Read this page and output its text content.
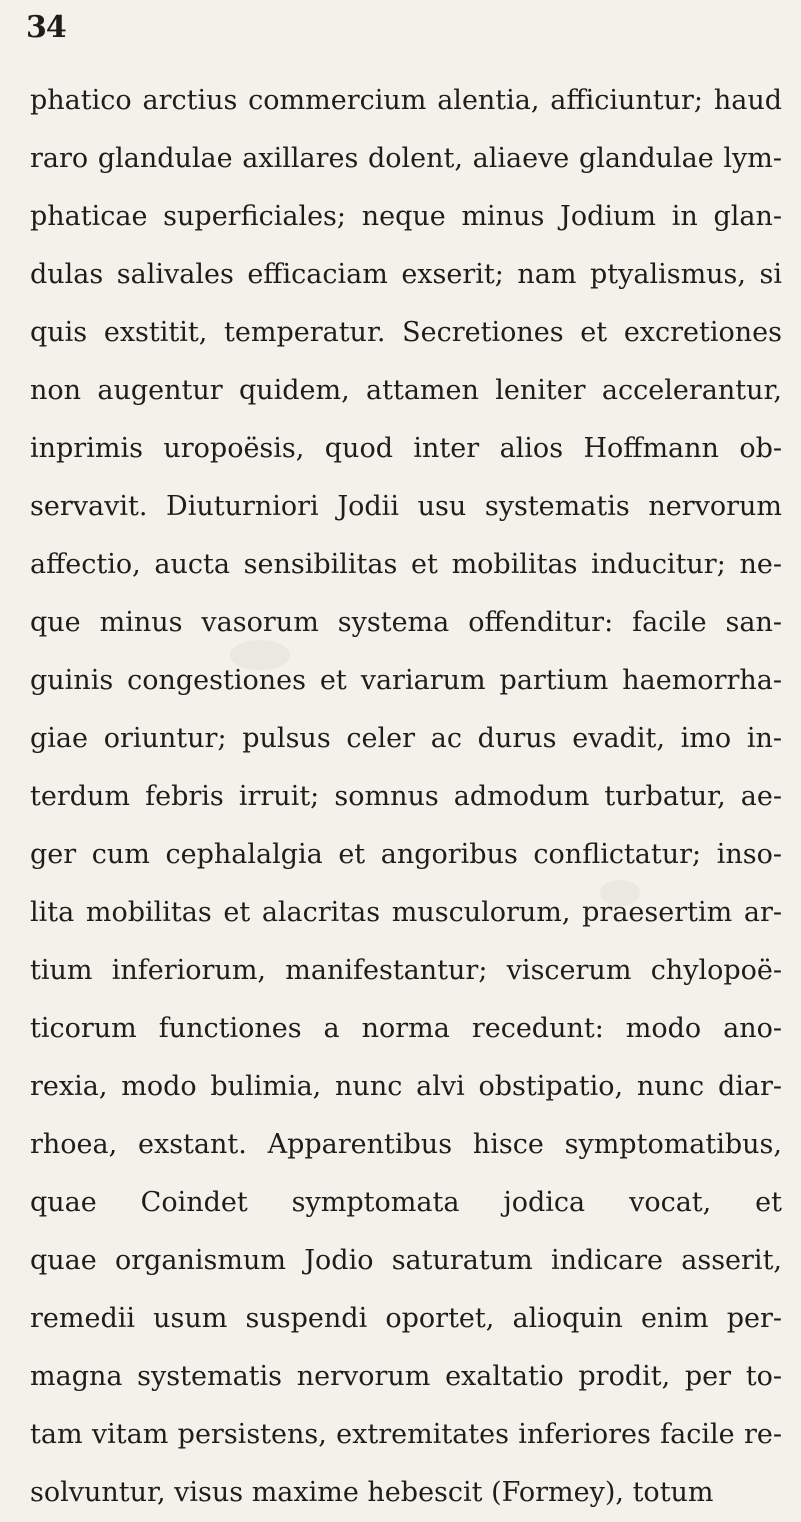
34
phatico arctius commercium alentia, afficiuntur; haud
raro glandulae axillares dolent, aliaeve glandulae lym-
phaticae superficiales; neque minus Jodium in glan-
dulas salivales efficaciam exserit; nam ptyalismus, si
quis exstitit, temperatur. Secretiones et excretiones
non augentur quidem, attamen leniter accelerantur,
inprimis uropoësis, quod inter alios Hoffmann ob-
servavit. Diuturniori Jodii usu systematis nervorum
affectio, aucta sensibilitas et mobilitas inducitur; ne-
que minus vasorum systema offenditur: facile san-
guinis congestiones et variarum partium haemorrha-
giae oriuntur; pulsus celer ac durus evadit, imo in-
terdum febris irruit; somnus admodum turbatur, ae-
ger cum cephalalgia et angoribus conflictatur; inso-
lita mobilitas et alacritas musculorum, praesertim ar-
tium inferiorum, manifestantur; viscerum chylopoë-
ticorum functiones a norma recedunt: modo ano-
rexia, modo bulimia, nunc alvi obstipatio, nunc diar-
rhoea, exstant. Apparentibus hisce symptomatibus,
quae Coindet symptomata jodica vocat, et
quae organismum Jodio saturatum indicare asserit,
remedii usum suspendi oportet, alioquin enim per-
magna systematis nervorum exaltatio prodit, per to-
tam vitam persistens, extremitates inferiores facile re-
solvuntur, visus maxime hebescit (Formey), totum
